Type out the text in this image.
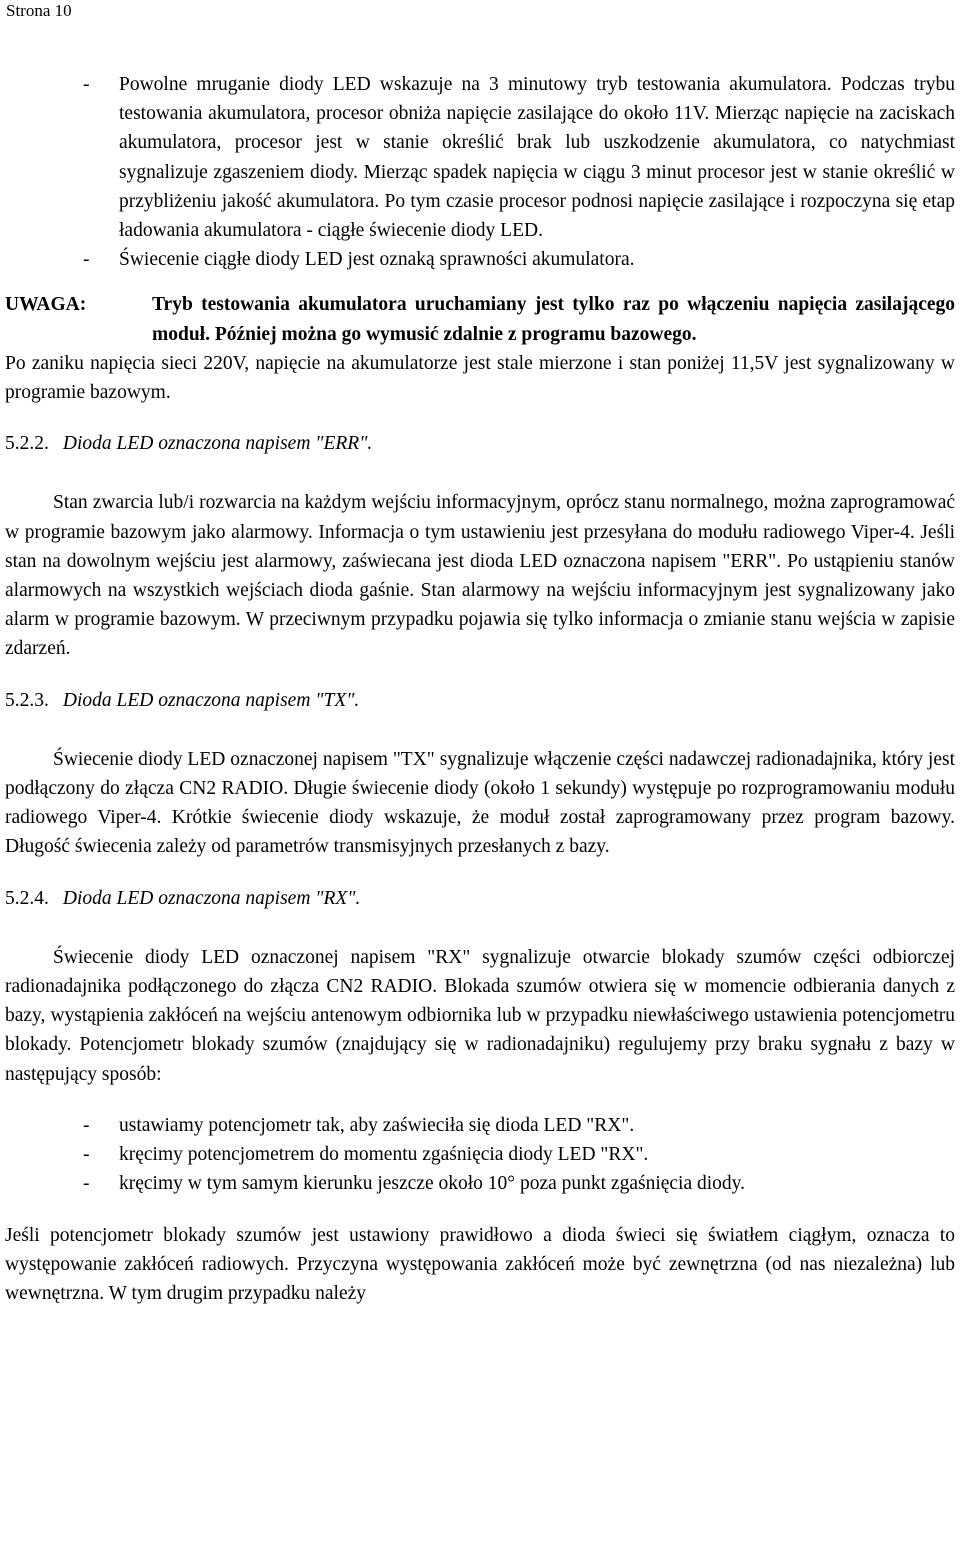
Strona 10
-	Powolne mruganie diody LED wskazuje na 3 minutowy tryb testowania akumulatora. Podczas trybu testowania akumulatora, procesor obniża napięcie zasilające do około 11V. Mierząc napięcie na zaciskach akumulatora, procesor jest w stanie określić brak lub uszkodzenie akumulatora, co natychmiast sygnalizuje zgaszeniem diody. Mierząc spadek napięcia w ciągu 3 minut procesor jest w stanie określić w przybliżeniu jakość akumulatora. Po tym czasie procesor podnosi napięcie zasilające i rozpoczyna się etap ładowania akumulatora - ciągłe świecenie diody LED.
-	Świecenie ciągłe diody LED jest oznaką sprawności akumulatora.
UWAGA:	Tryb testowania akumulatora uruchamiany jest tylko raz po włączeniu napięcia zasilającego moduł. Później można go wymusić zdalnie z programu bazowego.

Po zaniku napięcia sieci 220V, napięcie na akumulatorze jest stale mierzone i stan poniżej 11,5V jest sygnalizowany w programie bazowym.

5.2.2. Dioda LED oznaczona napisem "ERR".

Stan zwarcia lub/i rozwarcia na każdym wejściu informacyjnym, oprócz stanu normalnego, można zaprogramować w programie bazowym jako alarmowy. Informacja o tym ustawieniu jest przesyłana do modułu radiowego Viper-4. Jeśli stan na dowolnym wejściu jest alarmowy, zaświecana jest dioda LED oznaczona napisem "ERR". Po ustąpieniu stanów alarmowych na wszystkich wejściach dioda gaśnie. Stan alarmowy na wejściu informacyjnym jest sygnalizowany jako alarm w programie bazowym. W przeciwnym przypadku pojawia się tylko informacja o zmianie stanu wejścia w zapisie zdarzeń.

5.2.3. Dioda LED oznaczona napisem "TX".

Świecenie diody LED oznaczonej napisem "TX" sygnalizuje włączenie części nadawczej radionadajnika, który jest podłączony do złącza CN2 RADIO. Długie świecenie diody (około 1 sekundy) występuje po rozprogramowaniu modułu radiowego Viper-4. Krótkie świecenie diody wskazuje, że moduł został zaprogramowany przez program bazowy. Długość świecenia zależy od parametrów transmisyjnych przesłanych z bazy.

5.2.4. Dioda LED oznaczona napisem "RX".

Świecenie diody LED oznaczonej napisem "RX" sygnalizuje otwarcie blokady szumów części odbiorczej radionadajnika podłączonego do złącza CN2 RADIO. Blokada szumów otwiera się w momencie odbierania danych z bazy, wystąpienia zakłóceń na wejściu antenowym odbiornika lub w przypadku niewłaściwego ustawienia potencjometru blokady. Potencjometr blokady szumów (znajdujący się w radionadajniku) regulujemy przy braku sygnału z bazy w następujący sposób:

-	ustawiamy potencjometr tak, aby zaświeciła się dioda LED "RX".
-	kręcimy potencjometrem do momentu zgaśnięcia diody LED "RX".
-	kręcimy w tym samym kierunku jeszcze około 10° poza punkt zgaśnięcia diody.

Jeśli potencjometr blokady szumów jest ustawiony prawidłowo a dioda świeci się światłem ciągłym, oznacza to występowanie zakłóceń radiowych. Przyczyna występowania zakłóceń może być zewnętrzna (od nas niezależna) lub wewnętrzna. W tym drugim przypadku należy
